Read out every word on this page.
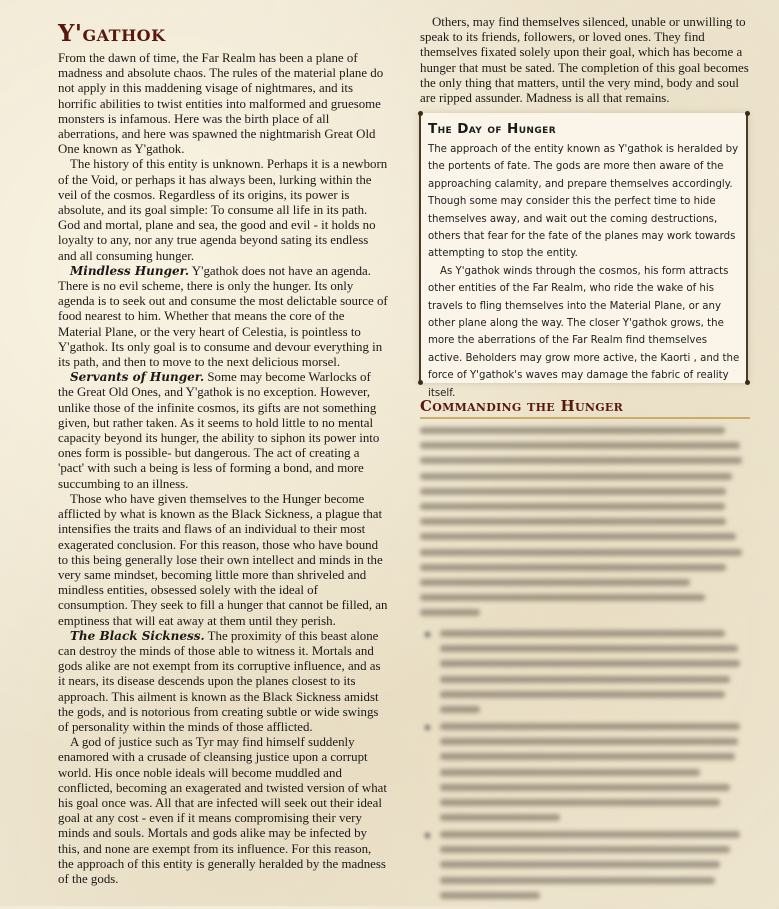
Y'gathok

From the dawn of time, the Far Realm has been a plane of madness and absolute chaos. The rules of the material plane do not apply in this maddening visage of nightmares, and its horrific abilities to twist entities into malformed and gruesome monsters is infamous. Here was the birth place of all aberrations, and here was spawned the nightmarish Great Old One known as Y'gathok.

The history of this entity is unknown. Perhaps it is a newborn of the Void, or perhaps it has always been, lurking within the veil of the cosmos. Regardless of its origins, its power is absolute, and its goal simple: To consume all life in its path. God and mortal, plane and sea, the good and evil - it holds no loyalty to any, nor any true agenda beyond sating its endless and all consuming hunger.

Mindless Hunger. Y'gathok does not have an agenda. There is no evil scheme, there is only the hunger. Its only agenda is to seek out and consume the most delictable source of food nearest to him. Whether that means the core of the Material Plane, or the very heart of Celestia, is pointless to Y'gathok. Its only goal is to consume and devour everything in its path, and then to move to the next delicious morsel.

Servants of Hunger. Some may become Warlocks of the Great Old Ones, and Y'gathok is no exception. However, unlike those of the infinite cosmos, its gifts are not something given, but rather taken. As it seems to hold little to no mental capacity beyond its hunger, the ability to siphon its power into ones form is possible- but dangerous. The act of creating a 'pact' with such a being is less of forming a bond, and more succumbing to an illness.

Those who have given themselves to the Hunger become afflicted by what is known as the Black Sickness, a plague that intensifies the traits and flaws of an individual to their most exagerated conclusion. For this reason, those who have bound to this being generally lose their own intellect and minds in the very same mindset, becoming little more than shriveled and mindless entities, obsessed solely with the ideal of consumption. They seek to fill a hunger that cannot be filled, an emptiness that will eat away at them until they perish.

The Black Sickness. The proximity of this beast alone can destroy the minds of those able to witness it. Mortals and gods alike are not exempt from its corruptive influence, and as it nears, its disease descends upon the planes closest to its approach. This ailment is known as the Black Sickness amidst the gods, and is notorious from creating subtle or wide swings of personality within the minds of those afflicted.

A god of justice such as Tyr may find himself suddenly enamored with a crusade of cleansing justice upon a corrupt world. His once noble ideals will become muddled and conflicted, becoming an exagerated and twisted version of what his goal once was. All that are infected will seek out their ideal goal at any cost - even if it means compromising their very minds and souls. Mortals and gods alike may be infected by this, and none are exempt from its influence. For this reason, the approach of this entity is generally heralded by the madness of the gods.

Others, may find themselves silenced, unable or unwilling to speak to its friends, followers, or loved ones. They find themselves fixated solely upon their goal, which has become a hunger that must be sated. The completion of this goal becomes the only thing that matters, until the very mind, body and soul are ripped assunder. Madness is all that remains.

The Day of Hunger

The approach of the entity known as Y'gathok is heralded by the portents of fate. The gods are more then aware of the approaching calamity, and prepare themselves accordingly. Though some may consider this the perfect time to hide themselves away, and wait out the coming destructions, others that fear for the fate of the planes may work towards attempting to stop the entity.

As Y'gathok winds through the cosmos, his form attracts other entities of the Far Realm, who ride the wake of his travels to fling themselves into the Material Plane, or any other plane along the way. The closer Y'gathok grows, the more the aberrations of the Far Realm find themselves active. Beholders may grow more active, the Kaorti , and the force of Y'gathok's waves may damage the fabric of reality itself.

Commanding the Hunger
